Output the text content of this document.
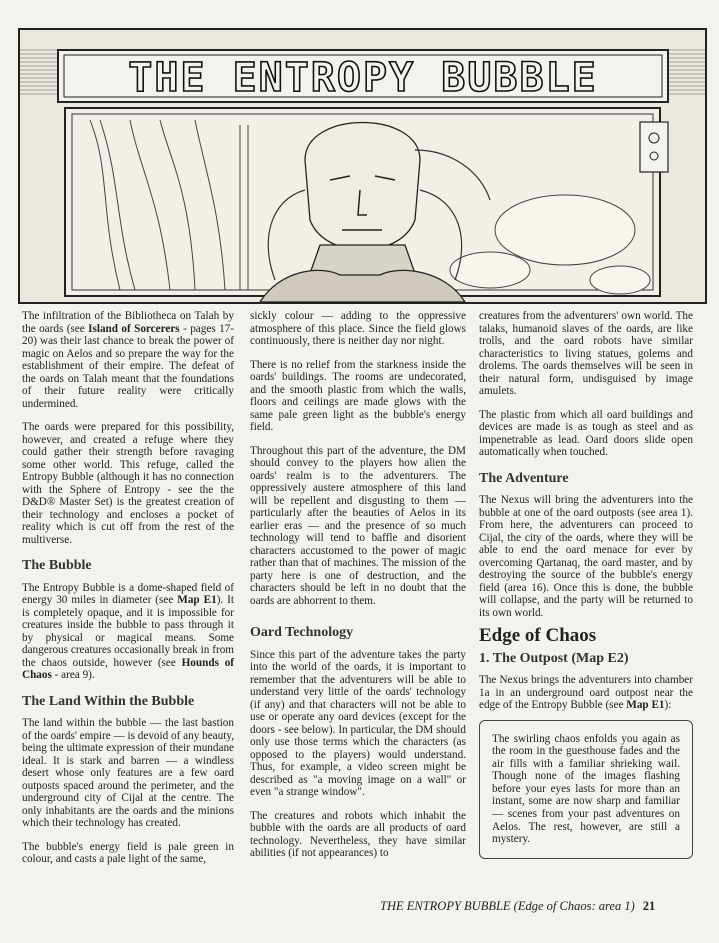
THE ENTROPY BUBBLE

The infiltration of the Bibliotheca on Talah by the oards (see Island of Sorcerers - pages 17-20) was their last chance to break the power of magic on Aelos and so prepare the way for the establishment of their empire. The defeat of the oards on Talah meant that the foundations of their future reality were critically undermined.

The oards were prepared for this possibility, however, and created a refuge where they could gather their strength before ravaging some other world. This refuge, called the Entropy Bubble (although it has no connection with the Sphere of Entropy - see the the D&D® Master Set) is the greatest creation of their technology and encloses a pocket of reality which is cut off from the rest of the multiverse.

The Bubble

The Entropy Bubble is a dome-shaped field of energy 30 miles in diameter (see Map E1). It is completely opaque, and it is impossible for creatures inside the bubble to pass through it by physical or magical means. Some dangerous creatures occasionally break in from the chaos outside, however (see Hounds of Chaos - area 9).

The Land Within the Bubble

The land within the bubble — the last bastion of the oards' empire — is devoid of any beauty, being the ultimate expression of their mundane ideal. It is stark and barren — a windless desert whose only features are a few oard outposts spaced around the perimeter, and the underground city of Cijal at the centre. The only inhabitants are the oards and the minions which their technology has created.

The bubble's energy field is pale green in colour, and casts a pale light of the same,

sickly colour — adding to the oppressive atmosphere of this place. Since the field glows continuously, there is neither day nor night.

There is no relief from the starkness inside the oards' buildings. The rooms are undecorated, and the smooth plastic from which the walls, floors and ceilings are made glows with the same pale green light as the bubble's energy field.

Throughout this part of the adventure, the DM should convey to the players how alien the oards' realm is to the adventurers. The oppressively austere atmosphere of this land will be repellent and disgusting to them — particularly after the beauties of Aelos in its earlier eras — and the presence of so much technology will tend to baffle and disorient characters accustomed to the power of magic rather than that of machines. The mission of the party here is one of destruction, and the characters should be left in no doubt that the oards are abhorrent to them.

Oard Technology

Since this part of the adventure takes the party into the world of the oards, it is important to remember that the adventurers will be able to understand very little of the oards' technology (if any) and that characters will not be able to use or operate any oard devices (except for the doors - see below). In particular, the DM should only use those terms which the characters (as opposed to the players) would understand. Thus, for example, a video screen might be described as "a moving image on a wall" or even "a strange window".

The creatures and robots which inhabit the bubble with the oards are all products of oard technology. Nevertheless, they have similar abilities (if not appearances) to

creatures from the adventurers' own world. The talaks, humanoid slaves of the oards, are like trolls, and the oard robots have similar characteristics to living statues, golems and drolems. The oards themselves will be seen in their natural form, undisguised by image amulets.

The plastic from which all oard buildings and devices are made is as tough as steel and as impenetrable as lead. Oard doors slide open automatically when touched.

The Adventure

The Nexus will bring the adventurers into the bubble at one of the oard outposts (see area 1). From here, the adventurers can proceed to Cijal, the city of the oards, where they will be able to end the oard menace for ever by overcoming Qartanaq, the oard master, and by destroying the source of the bubble's energy field (area 16). Once this is done, the bubble will collapse, and the party will be returned to its own world.

Edge of Chaos
1. The Outpost (Map E2)

The Nexus brings the adventurers into chamber 1a in an underground oard outpost near the edge of the Entropy Bubble (see Map E1):

The swirling chaos enfolds you again as the room in the guesthouse fades and the air fills with a familiar shrieking wail. Though none of the images flashing before your eyes lasts for more than an instant, some are now sharp and familiar — scenes from your past adventures on Aelos. The rest, however, are still a mystery.

THE ENTROPY BUBBLE (Edge of Chaos: area 1) 21
